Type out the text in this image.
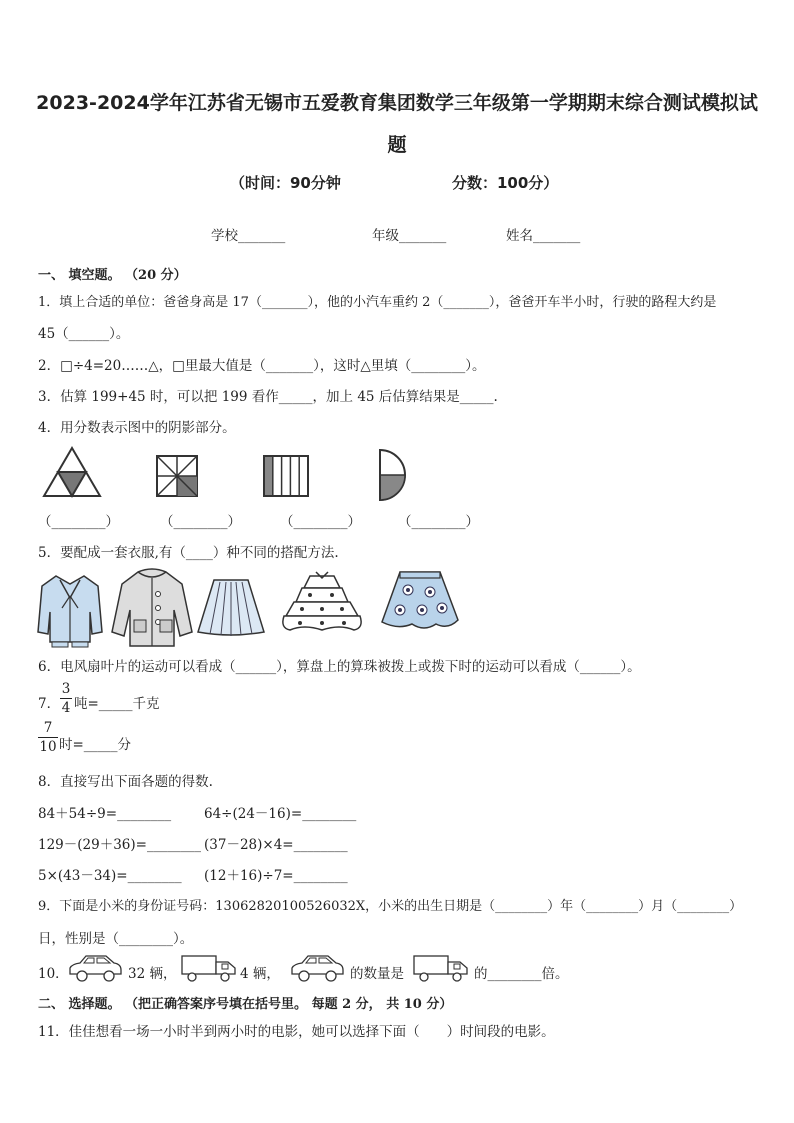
2023-2024学年江苏省无锡市五爱教育集团数学三年级第一学期期末综合测试模拟试
题
（时间：90分钟	分数：100分）
学校_______	年级_______	姓名_______
一、 填空题。 （20 分）
1．填上合适的单位：爸爸身高是 17（_______），他的小汽车重约 2（_______），爸爸开车半小时，行驶的路程大约是
45（______）。
2．□÷4=20……△，□里最大值是（_______），这时△里填（________）。
3．估算 199+45 时，可以把 199 看作_____，加上 45 后估算结果是_____.
4．用分数表示图中的阴影部分。
（________）	（________）	（________）	（________）
5．要配成一套衣服,有（____）种不同的搭配方法.
6．电风扇叶片的运动可以看成（______），算盘上的算珠被拨上或拨下时的运动可以看成（______）。
7．
3
4 吨=_____千克
7
10 时=_____分
8．直接写出下面各题的得数.
84＋54÷9=________ 64÷(24－16)=________
129－(29＋36)=________ (37－28)×4=________
5×(43－34)=________ (12＋16)÷7=________
9．下面是小米的身份证号码：13062820100526032X，小米的出生日期是（________）年（________）月（________）
日，性别是（________）。
10．	32 辆，	4 辆，	的数量是	的________倍。
二、 选择题。 （把正确答案序号填在括号里。 每题 2 分， 共 10 分）
11．佳佳想看一场一小时半到两小时的电影，她可以选择下面（　　）时间段的电影。
